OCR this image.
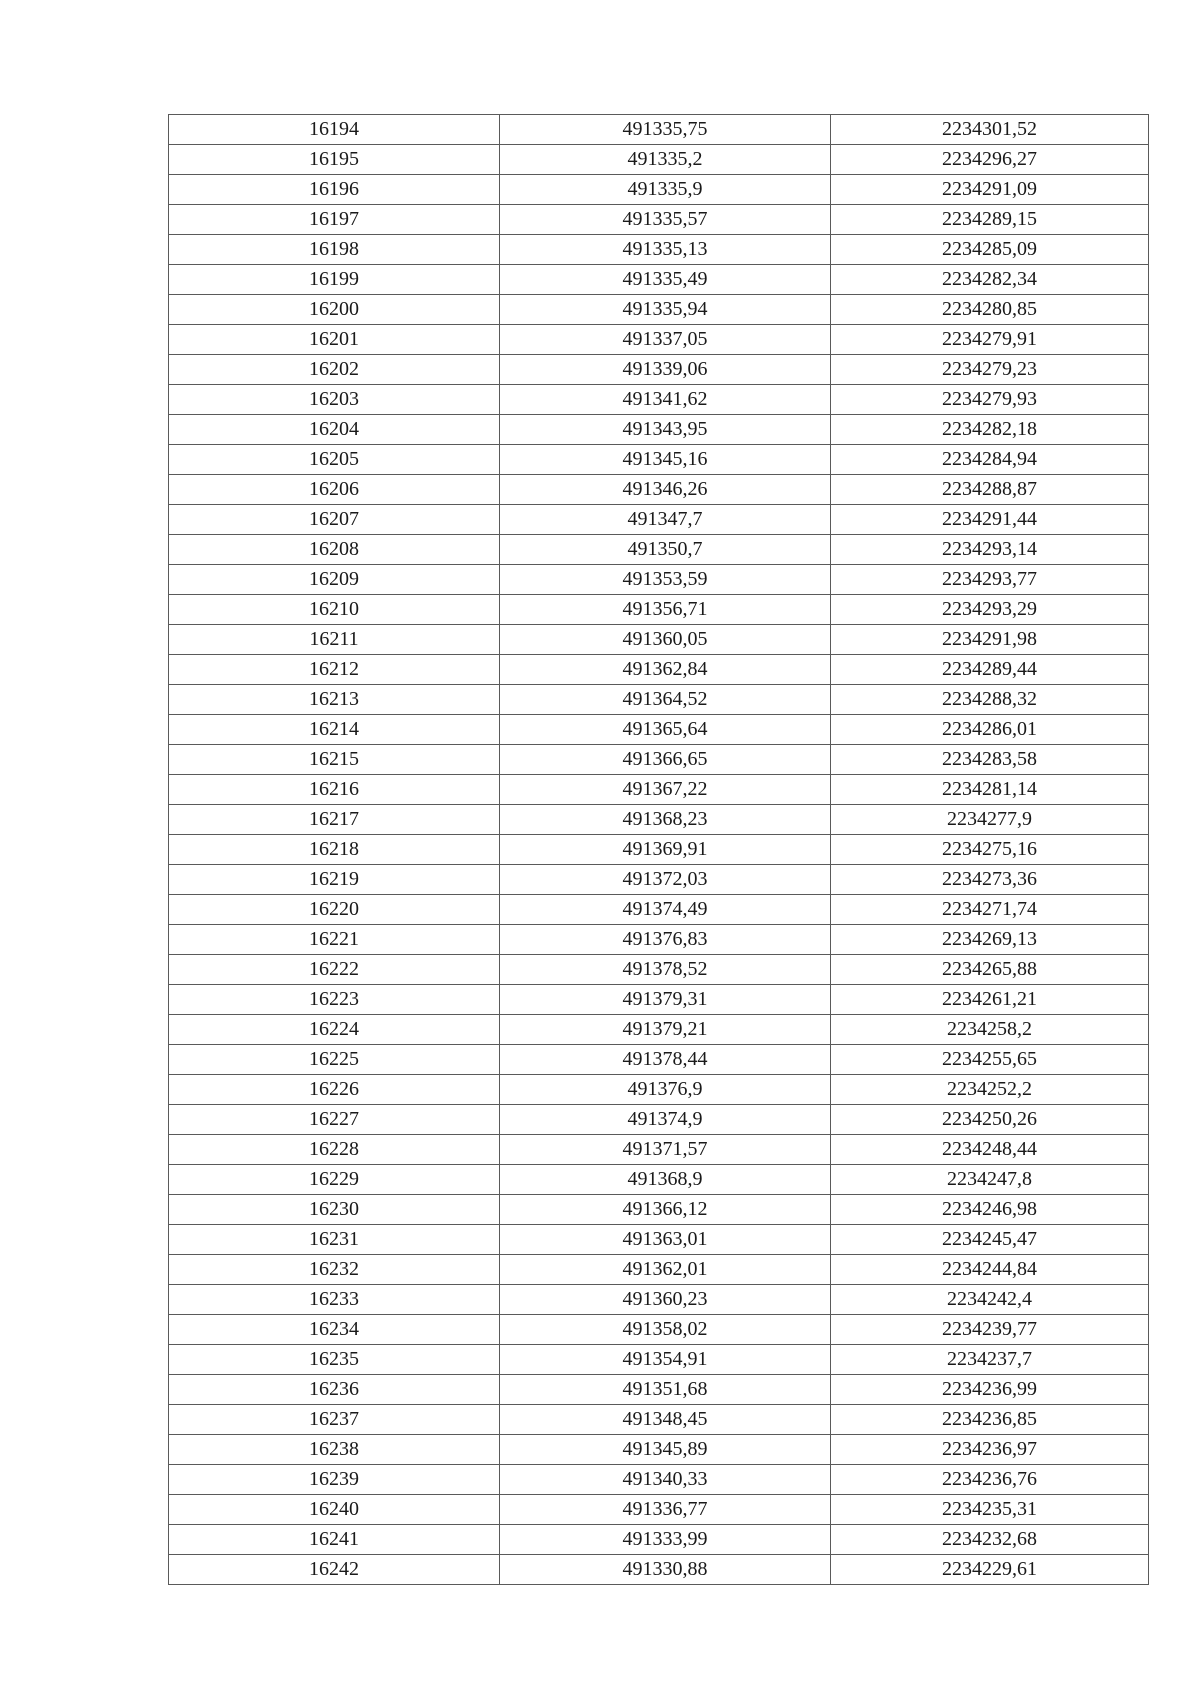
16194	491335,75	2234301,52
16195	491335,2	2234296,27
16196	491335,9	2234291,09
16197	491335,57	2234289,15
16198	491335,13	2234285,09
16199	491335,49	2234282,34
16200	491335,94	2234280,85
16201	491337,05	2234279,91
16202	491339,06	2234279,23
16203	491341,62	2234279,93
16204	491343,95	2234282,18
16205	491345,16	2234284,94
16206	491346,26	2234288,87
16207	491347,7	2234291,44
16208	491350,7	2234293,14
16209	491353,59	2234293,77
16210	491356,71	2234293,29
16211	491360,05	2234291,98
16212	491362,84	2234289,44
16213	491364,52	2234288,32
16214	491365,64	2234286,01
16215	491366,65	2234283,58
16216	491367,22	2234281,14
16217	491368,23	2234277,9
16218	491369,91	2234275,16
16219	491372,03	2234273,36
16220	491374,49	2234271,74
16221	491376,83	2234269,13
16222	491378,52	2234265,88
16223	491379,31	2234261,21
16224	491379,21	2234258,2
16225	491378,44	2234255,65
16226	491376,9	2234252,2
16227	491374,9	2234250,26
16228	491371,57	2234248,44
16229	491368,9	2234247,8
16230	491366,12	2234246,98
16231	491363,01	2234245,47
16232	491362,01	2234244,84
16233	491360,23	2234242,4
16234	491358,02	2234239,77
16235	491354,91	2234237,7
16236	491351,68	2234236,99
16237	491348,45	2234236,85
16238	491345,89	2234236,97
16239	491340,33	2234236,76
16240	491336,77	2234235,31
16241	491333,99	2234232,68
16242	491330,88	2234229,61
